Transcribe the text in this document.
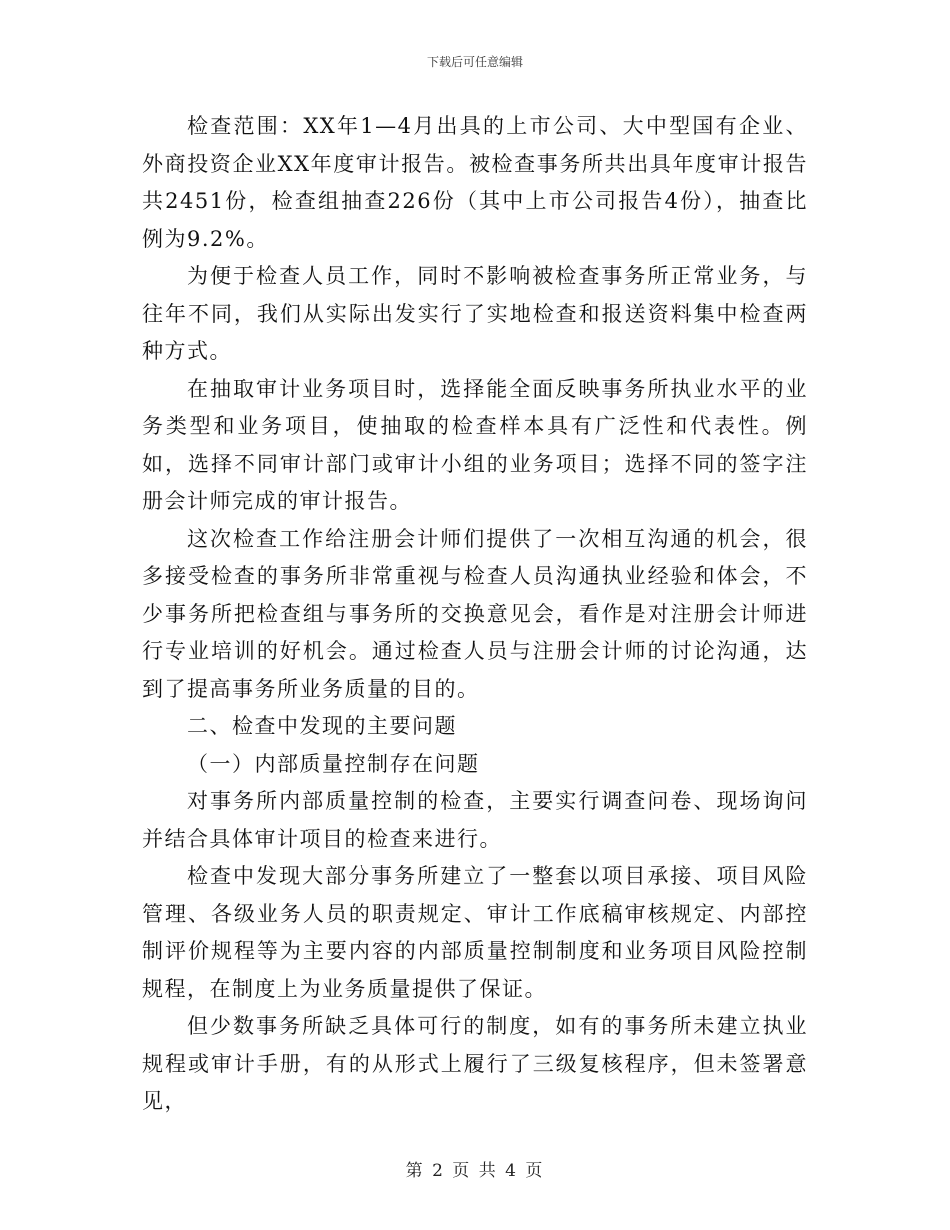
下载后可任意编辑

检查范围：XX年1—4月出具的上市公司、大中型国有企业、外商投资企业XX年度审计报告。被检查事务所共出具年度审计报告共2451份，检查组抽查226份（其中上市公司报告4份），抽查比例为9.2%。

为便于检查人员工作，同时不影响被检查事务所正常业务，与往年不同，我们从实际出发实行了实地检查和报送资料集中检查两种方式。

在抽取审计业务项目时，选择能全面反映事务所执业水平的业务类型和业务项目，使抽取的检查样本具有广泛性和代表性。例如，选择不同审计部门或审计小组的业务项目；选择不同的签字注册会计师完成的审计报告。

这次检查工作给注册会计师们提供了一次相互沟通的机会，很多接受检查的事务所非常重视与检查人员沟通执业经验和体会，不少事务所把检查组与事务所的交换意见会，看作是对注册会计师进行专业培训的好机会。通过检查人员与注册会计师的讨论沟通，达到了提高事务所业务质量的目的。

二、检查中发现的主要问题

（一）内部质量控制存在问题

对事务所内部质量控制的检查，主要实行调查问卷、现场询问并结合具体审计项目的检查来进行。

检查中发现大部分事务所建立了一整套以项目承接、项目风险管理、各级业务人员的职责规定、审计工作底稿审核规定、内部控制评价规程等为主要内容的内部质量控制制度和业务项目风险控制规程，在制度上为业务质量提供了保证。

但少数事务所缺乏具体可行的制度，如有的事务所未建立执业规程或审计手册，有的从形式上履行了三级复核程序，但未签署意见，

第 2 页 共 4 页
